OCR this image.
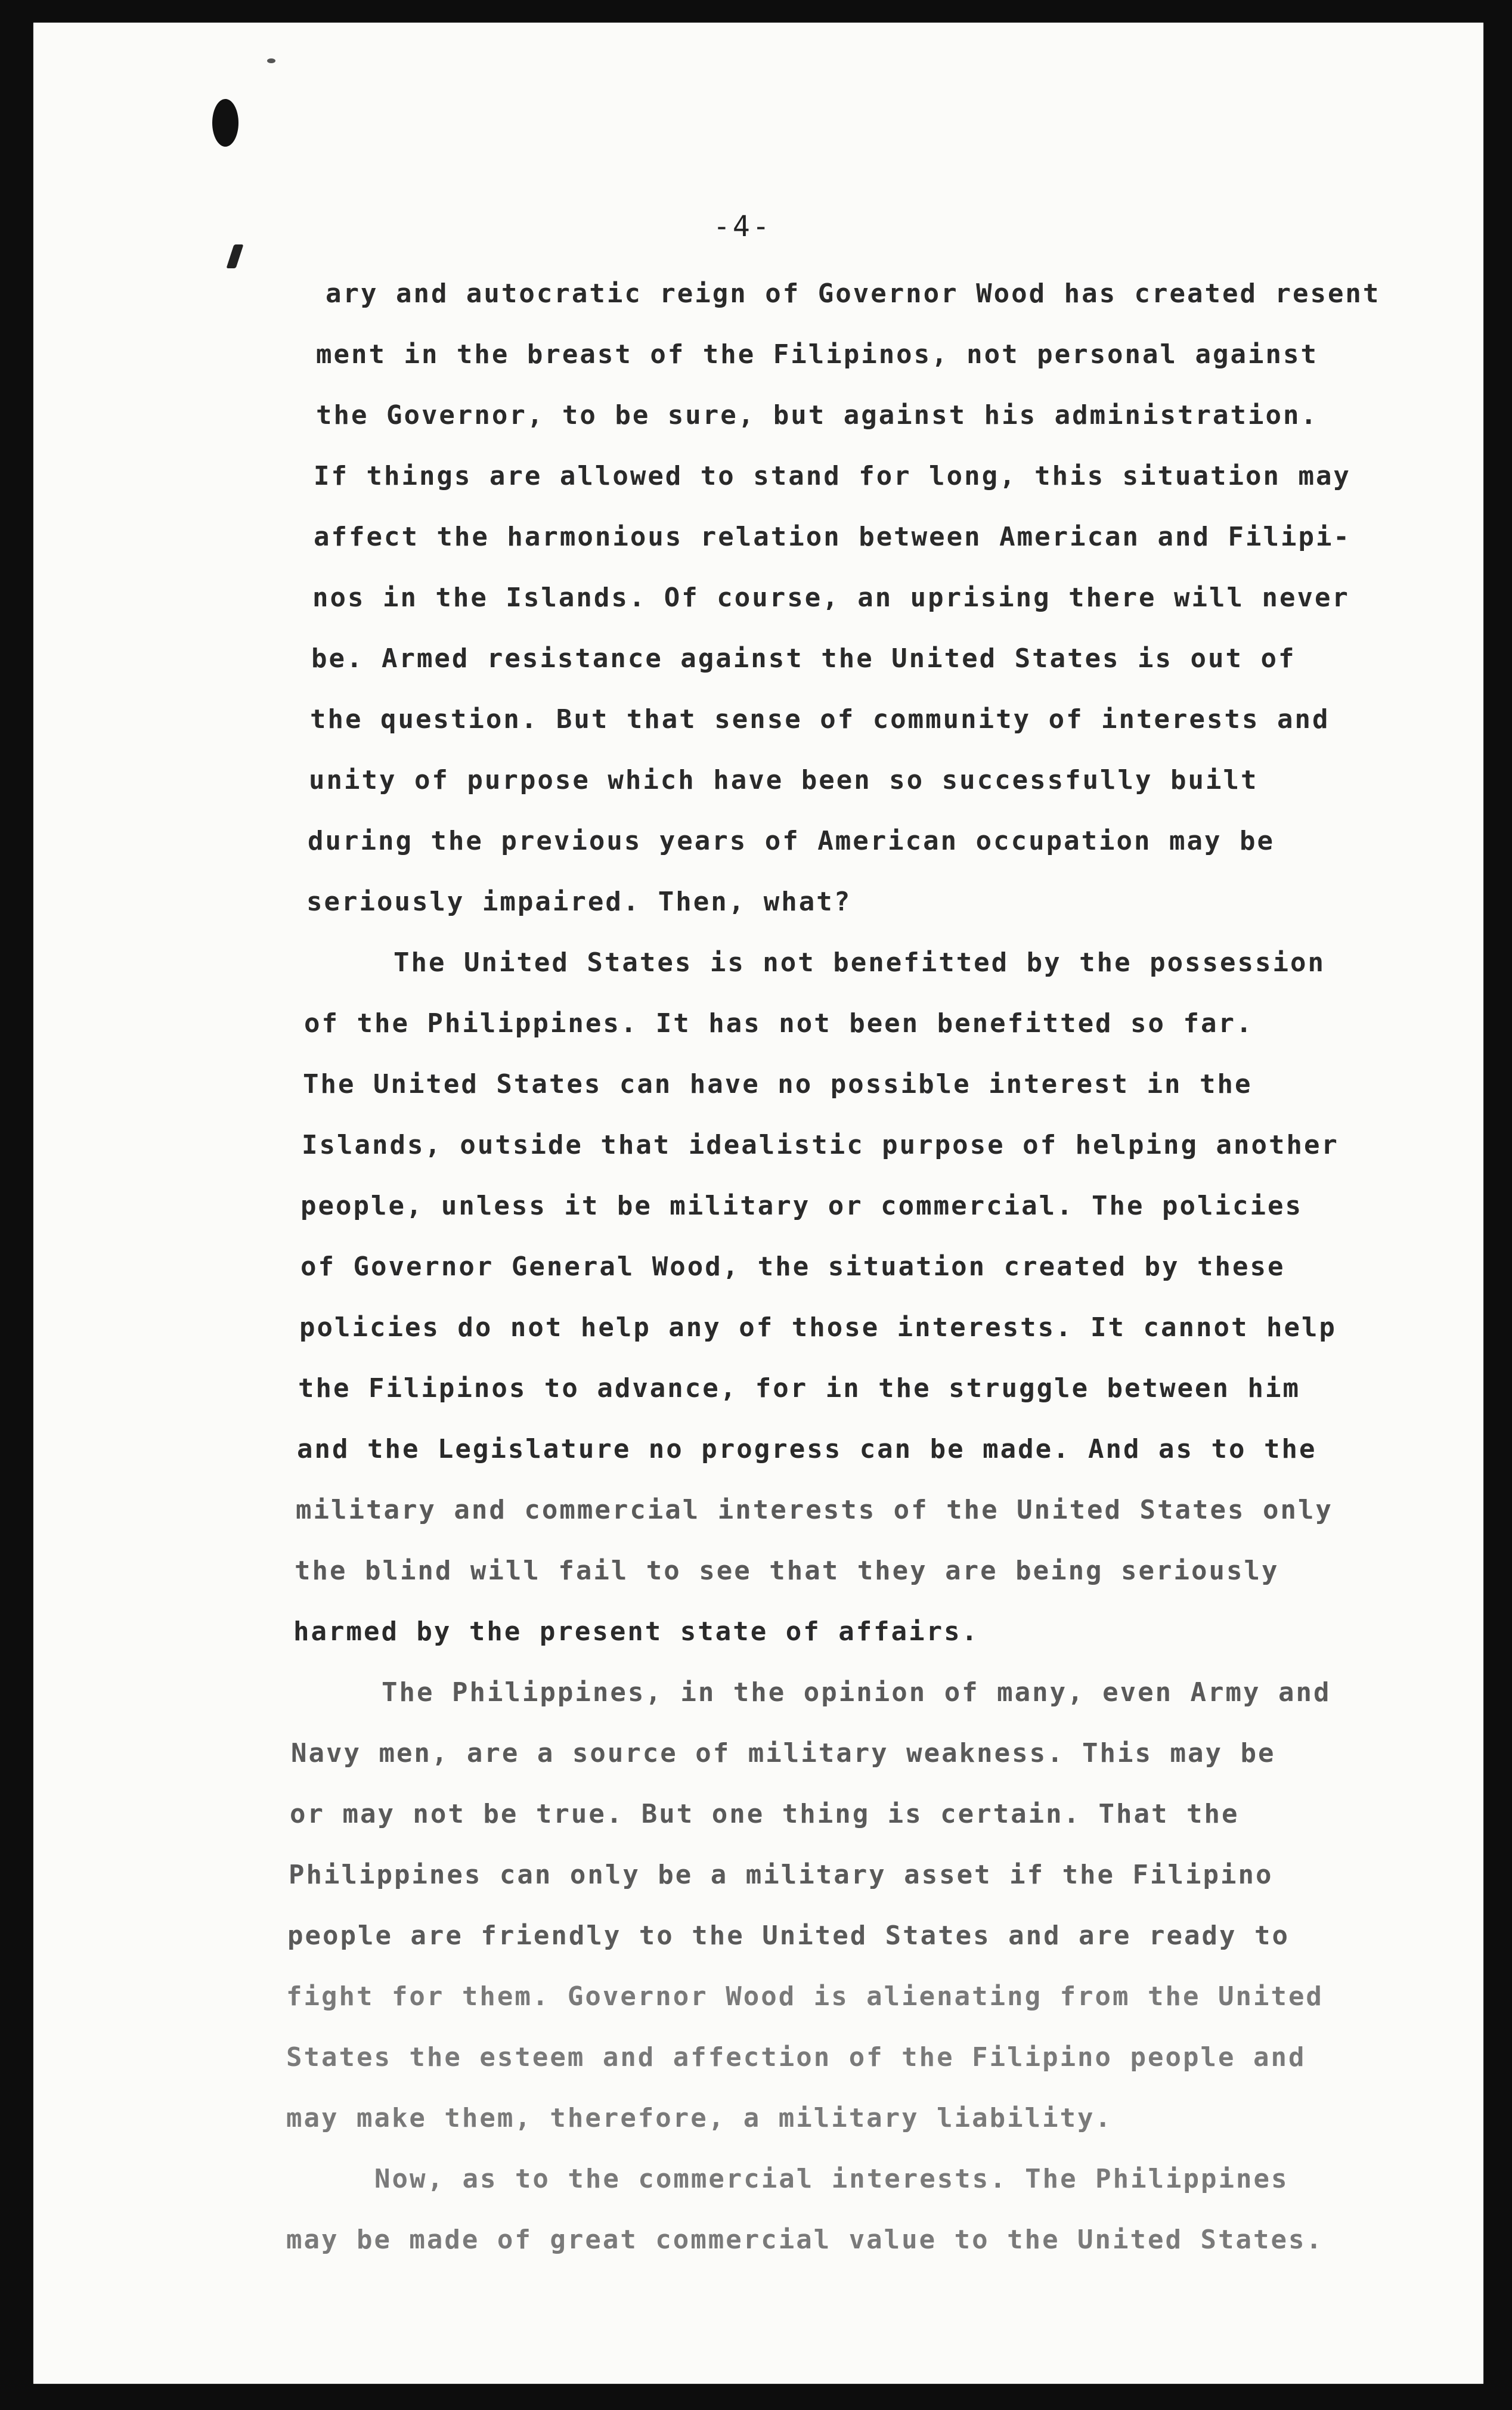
-4-
ary and autocratic reign of Governor Wood has created resent
ment in the breast of the Filipinos, not personal against
the Governor, to be sure, but against his administration.
If things are allowed to stand for long, this situation may
affect the harmonious relation between American and Filipi-
nos in the Islands. Of course, an uprising there will never
be. Armed resistance against the United States is out of
the question. But that sense of community of interests and
unity of purpose which have been so successfully built
during the previous years of American occupation may be
seriously impaired. Then, what?
The United States is not benefitted by the possession
of the Philippines. It has not been benefitted so far.
The United States can have no possible interest in the
Islands, outside that idealistic purpose of helping another
people, unless it be military or commercial. The policies
of Governor General Wood, the situation created by these
policies do not help any of those interests. It cannot help
the Filipinos to advance, for in the struggle between him
and the Legislature no progress can be made. And as to the
military and commercial interests of the United States only
the blind will fail to see that they are being seriously
harmed by the present state of affairs.
The Philippines, in the opinion of many, even Army and
Navy men, are a source of military weakness. This may be
or may not be true. But one thing is certain. That the
Philippines can only be a military asset if the Filipino
people are friendly to the United States and are ready to
fight for them. Governor Wood is alienating from the United
States the esteem and affection of the Filipino people and
may make them, therefore, a military liability.
Now, as to the commercial interests. The Philippines
may be made of great commercial value to the United States.
